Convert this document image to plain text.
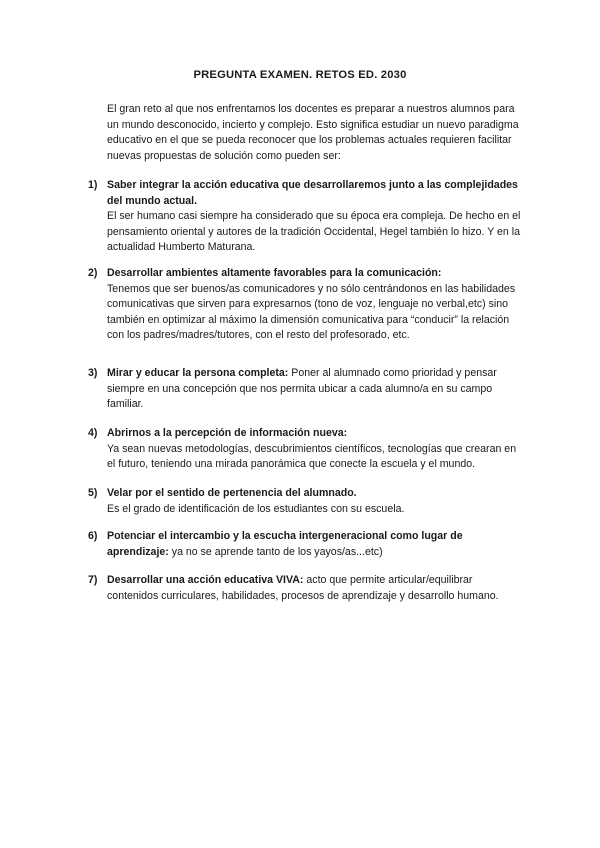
PREGUNTA EXAMEN. RETOS ED. 2030
El gran reto al que nos enfrentamos los docentes es preparar a nuestros alumnos para un mundo desconocido, incierto y complejo. Esto significa estudiar un nuevo paradigma educativo en el que se pueda reconocer que los problemas actuales requieren facilitar nuevas propuestas de solución como pueden ser:
1) Saber integrar la acción educativa que desarrollaremos junto a las complejidades del mundo actual.
El ser humano casi siempre ha considerado que su época era compleja. De hecho en el pensamiento oriental y autores de la tradición Occidental, Hegel también lo hizo. Y en la actualidad Humberto Maturana.
2) Desarrollar ambientes altamente favorables para la comunicación:
Tenemos que ser buenos/as comunicadores y no sólo centrándonos en las habilidades comunicativas que sirven para expresarnos (tono de voz, lenguaje no verbal,etc) sino también en optimizar al máximo la dimensión comunicativa para “conducir” la relación con los padres/madres/tutores, con el resto del profesorado, etc.
3) Mirar y educar la persona completa: Poner al alumnado como prioridad y pensar siempre en una concepción que nos permita ubicar a cada alumno/a en su campo familiar.
4) Abrirnos a la percepción de información nueva:
Ya sean nuevas metodologías, descubrimientos científicos, tecnologías que crearan en el futuro, teniendo una mirada panorámica que conecte la escuela y el mundo.
5) Velar por el sentido de pertenencia del alumnado.
Es el grado de identificación de los estudiantes con su escuela.
6) Potenciar el intercambio y la escucha intergeneracional como lugar de aprendizaje: ya no se aprende tanto de los yayos/as...etc)
7) Desarrollar una acción educativa VIVA: acto que permite articular/equilibrar contenidos curriculares, habilidades, procesos de aprendizaje y desarrollo humano.
